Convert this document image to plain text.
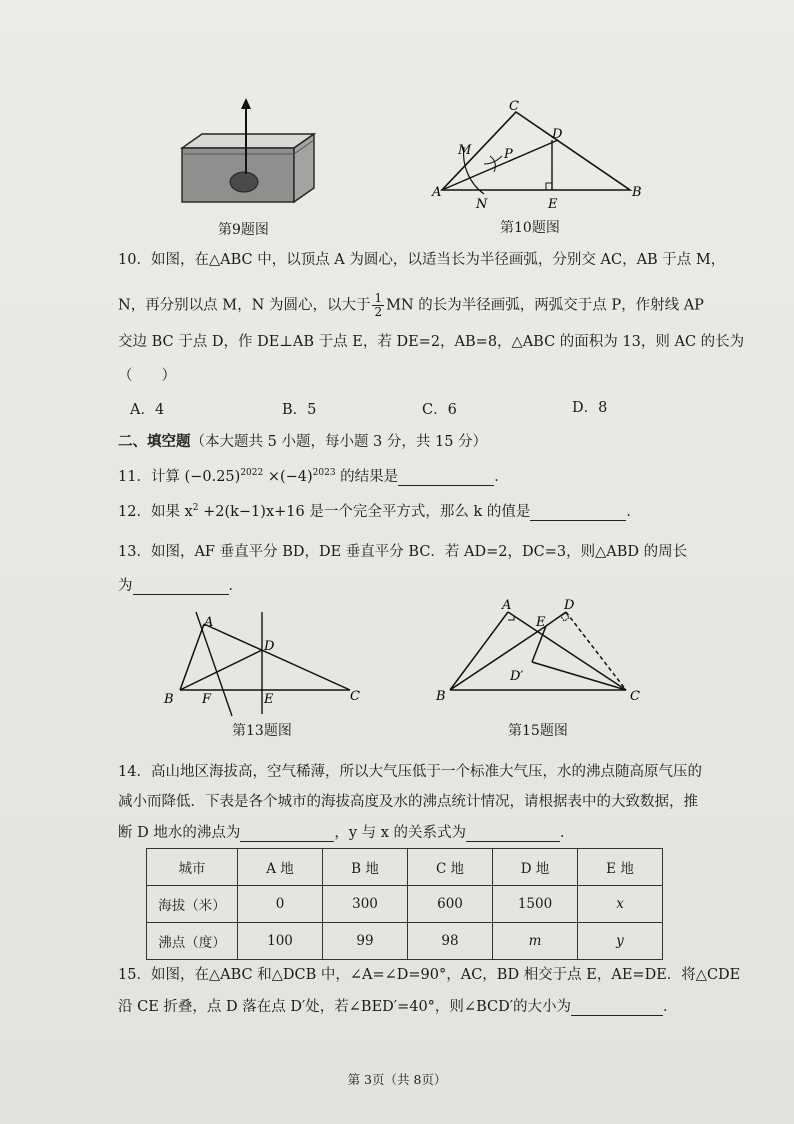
第9题图
A	B
C
D
E
M
N
P
第10题图
10．如图，在△ABC 中，以顶点 A 为圆心，以适当长为半径画弧，分别交 AC，AB 于点 M，
N，再分别以点 M，N 为圆心，以大于 $\frac{1}{2}$ MN 的长为半径画弧，两弧交于点 P，作射线 AP
交边 BC 于点 D，作 DE⊥AB 于点 E，若 DE=2，AB=8，△ABC 的面积为 13，则 AC 的长为
（　　）
A．4	B．5	C．6	D．8
二、填空题（本大题共 5 小题，每小题 3 分，共 15 分）
11．计算 $(-0.25)^{2022} \times(-4)^{2023}$ 的结果是	．
12．如果 $x^2 +2(k-1)x+16$ 是一个完全平方式，那么 k 的值是	．
13．如图，AF 垂直平分 BD，DE 垂直平分 BC．若 AD=2，DC=3，则△ABD 的周长
为	．
A
B	C
D
E
F
第13题图
A
B	C
D
E
D′
第15题图
14．高山地区海拔高，空气稀薄，所以大气压低于一个标准大气压，水的沸点随高原气压的
减小而降低．下表是各个城市的海拔高度及水的沸点统计情况，请根据表中的大致数据，推
断 D 地水的沸点为	，y 与 x 的关系式为	．
城市	A 地	B 地	C 地	D 地	E 地
海拔（米）	0	300	600	1500	x
沸点（度）	100	99	98	m	y
15．如图，在△ABC 和△DCB 中，∠A=∠D=90°，AC，BD 相交于点 E，AE=DE．将△CDE
沿 CE 折叠，点 D 落在点 D′处，若∠BED′=40°，则∠BCD′的大小为	．
第 3页（共 8页）
